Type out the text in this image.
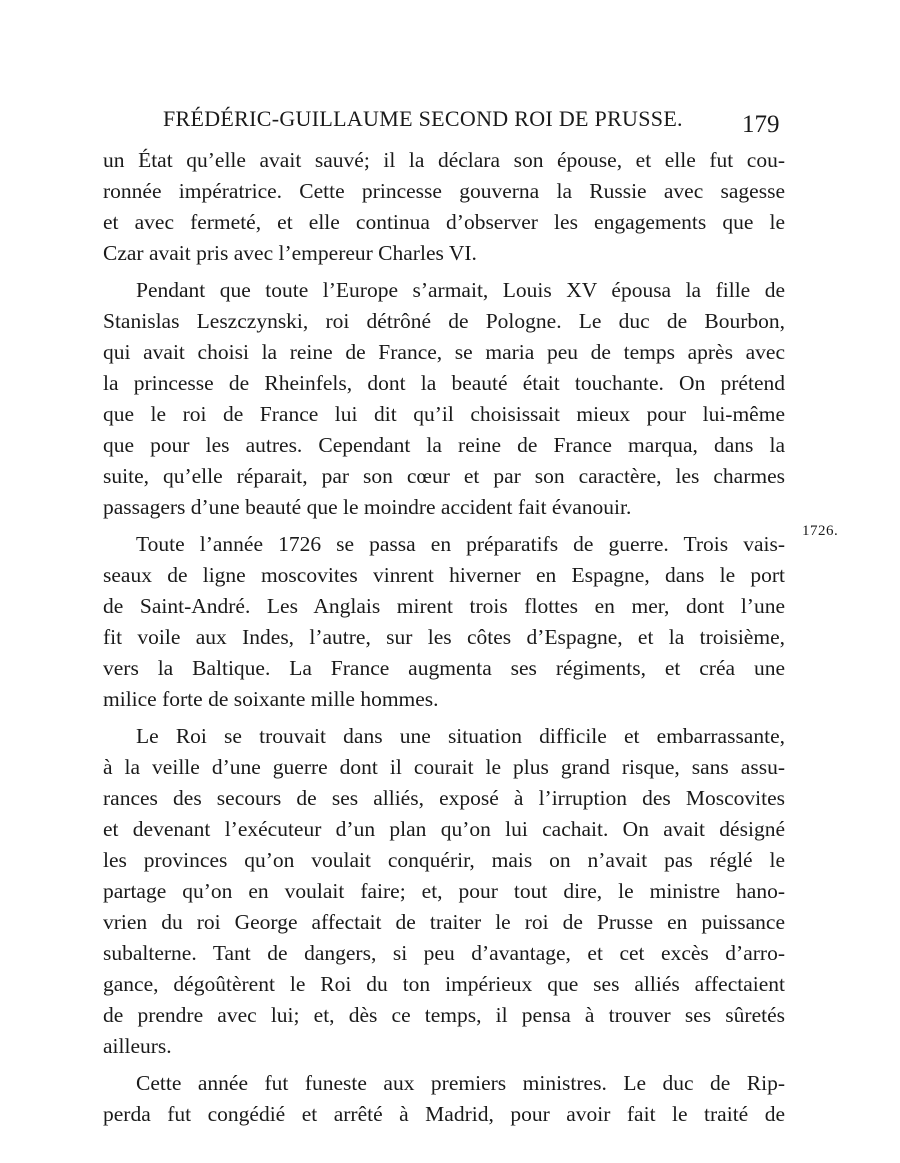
FRÉDÉRIC-GUILLAUME SECOND ROI DE PRUSSE.	179
1726.
un État qu’elle avait sauvé; il la déclara son épouse, et elle fut cou-
ronnée impératrice. Cette princesse gouverna la Russie avec sagesse
et avec fermeté, et elle continua d’observer les engagements que le
Czar avait pris avec l’empereur Charles VI.
Pendant que toute l’Europe s’armait, Louis XV épousa la fille de
Stanislas Leszczynski, roi détrôné de Pologne. Le duc de Bourbon,
qui avait choisi la reine de France, se maria peu de temps après avec
la princesse de Rheinfels, dont la beauté était touchante. On prétend
que le roi de France lui dit qu’il choisissait mieux pour lui-même
que pour les autres. Cependant la reine de France marqua, dans la
suite, qu’elle réparait, par son cœur et par son caractère, les charmes
passagers d’une beauté que le moindre accident fait évanouir.
Toute l’année 1726 se passa en préparatifs de guerre. Trois vais-
seaux de ligne moscovites vinrent hiverner en Espagne, dans le port
de Saint-André. Les Anglais mirent trois flottes en mer, dont l’une
fit voile aux Indes, l’autre, sur les côtes d’Espagne, et la troisième,
vers la Baltique. La France augmenta ses régiments, et créa une
milice forte de soixante mille hommes.
Le Roi se trouvait dans une situation difficile et embarrassante,
à la veille d’une guerre dont il courait le plus grand risque, sans assu-
rances des secours de ses alliés, exposé à l’irruption des Moscovites
et devenant l’exécuteur d’un plan qu’on lui cachait. On avait désigné
les provinces qu’on voulait conquérir, mais on n’avait pas réglé le
partage qu’on en voulait faire; et, pour tout dire, le ministre hano-
vrien du roi George affectait de traiter le roi de Prusse en puissance
subalterne. Tant de dangers, si peu d’avantage, et cet excès d’arro-
gance, dégoûtèrent le Roi du ton impérieux que ses alliés affectaient
de prendre avec lui; et, dès ce temps, il pensa à trouver ses sûretés
ailleurs.
Cette année fut funeste aux premiers ministres. Le duc de Rip-
perda fut congédié et arrêté à Madrid, pour avoir fait le traité de
